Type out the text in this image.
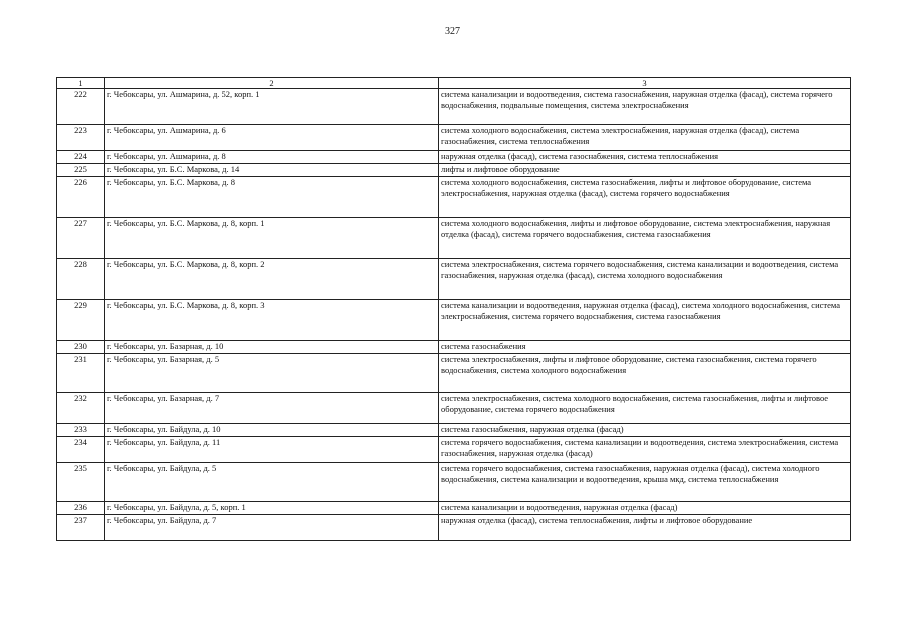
327
1	2	3
222	г. Чебоксары, ул. Ашмарина, д. 52, корп. 1	система канализации и водоотведения, система газоснабжения, наружная отделка (фасад), система горячего водоснабжения, подвальные помещения, система электроснабжения
223	г. Чебоксары, ул. Ашмарина, д. 6	система холодного водоснабжения, система электроснабжения, наружная отделка (фасад), система газоснабжения, система теплоснабжения
224	г. Чебоксары, ул. Ашмарина, д. 8	наружная отделка (фасад), система газоснабжения, система теплоснабжения
225	г. Чебоксары, ул. Б.С. Маркова, д. 14	лифты и лифтовое оборудование
226	г. Чебоксары, ул. Б.С. Маркова, д. 8	система холодного водоснабжения, система газоснабжения, лифты и лифтовое оборудование, система электроснабжения, наружная отделка (фасад), система горячего водоснабжения
227	г. Чебоксары, ул. Б.С. Маркова, д. 8, корп. 1	система холодного водоснабжения, лифты и лифтовое оборудование, система электроснабжения, наружная отделка (фасад), система горячего водоснабжения, система газоснабжения
228	г. Чебоксары, ул. Б.С. Маркова, д. 8, корп. 2	система электроснабжения, система горячего водоснабжения, система канализации и водоотведения, система газоснабжения, наружная отделка (фасад), система холодного водоснабжения
229	г. Чебоксары, ул. Б.С. Маркова, д. 8, корп. 3	система канализации и водоотведения, наружная отделка (фасад), система холодного водоснабжения, система электроснабжения, система горячего водоснабжения, система газоснабжения
230	г. Чебоксары, ул. Базарная, д. 10	система газоснабжения
231	г. Чебоксары, ул. Базарная, д. 5	система электроснабжения, лифты и лифтовое оборудование, система газоснабжения, система горячего водоснабжения, система холодного водоснабжения
232	г. Чебоксары, ул. Базарная, д. 7	система электроснабжения, система холодного водоснабжения, система газоснабжения, лифты и лифтовое оборудование, система горячего водоснабжения
233	г. Чебоксары, ул. Байдула, д. 10	система газоснабжения, наружная отделка (фасад)
234	г. Чебоксары, ул. Байдула, д. 11	система горячего водоснабжения, система канализации и водоотведения, система электроснабжения, система газоснабжения, наружная отделка (фасад)
235	г. Чебоксары, ул. Байдула, д. 5	система горячего водоснабжения, система газоснабжения, наружная отделка (фасад), система холодного водоснабжения, система канализации и водоотведения, крыша мкд, система теплоснабжения
236	г. Чебоксары, ул. Байдула, д. 5, корп. 1	система канализации и водоотведения, наружная отделка (фасад)
237	г. Чебоксары, ул. Байдула, д. 7	наружная отделка (фасад), система теплоснабжения, лифты и лифтовое оборудование
